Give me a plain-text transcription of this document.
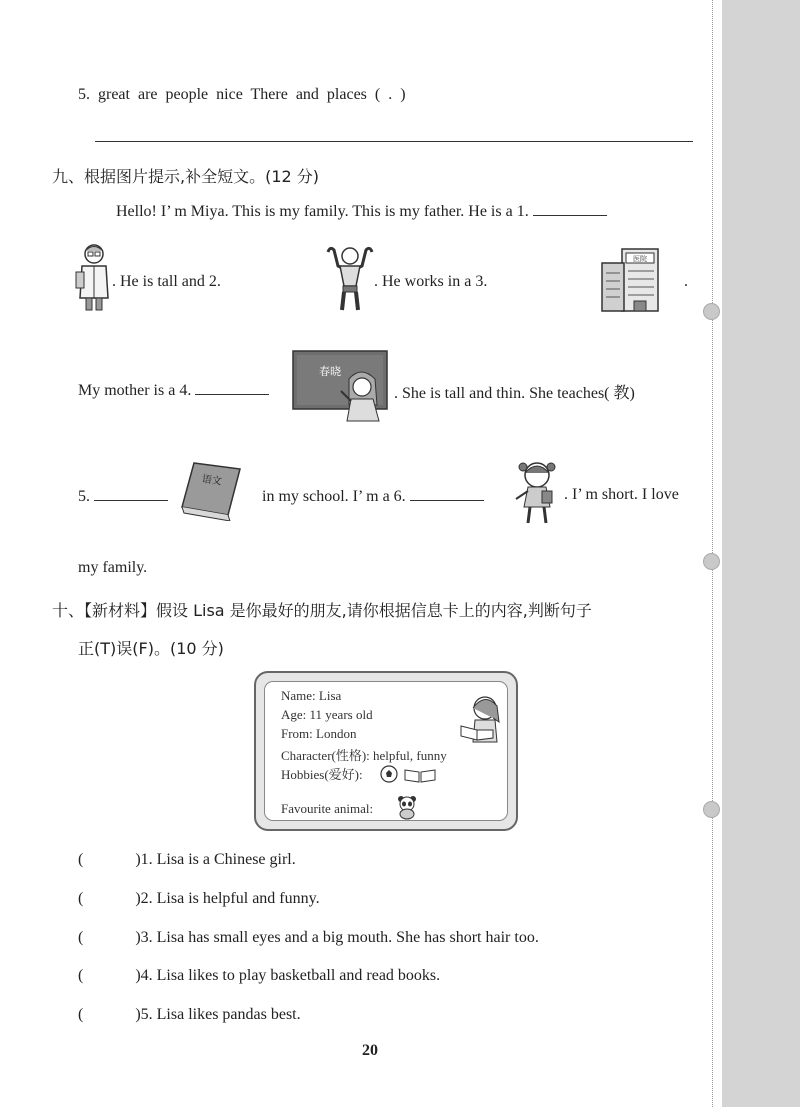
5. great are people nice There and places ( . )
九、根据图片提示,补全短文。(12 分)
Hello! I’ m Miya. This is my family. This is my father. He is a 1.
. He is tall and 2.	. He works in a 3.
医院
.
My mother is a 4.
春晓
. She is tall and thin. She teaches( 教)
5.
语文
in my school. I’ m a 6.	. I’ m short. I love
my family.
十、【新材料】假设 Lisa 是你最好的朋友,请你根据信息卡上的内容,判断句子
正(T)误(F)。(10 分)
Name: Lisa
Age: 11 years old
From: London
Character(性格): helpful, funny
Hobbies(爱好):
Favourite animal:
(	)1. Lisa is a Chinese girl.
(	)2. Lisa is helpful and funny.
(	)3. Lisa has small eyes and a big mouth. She has short hair too.
(	)4. Lisa likes to play basketball and read books.
(	)5. Lisa likes pandas best.
20
